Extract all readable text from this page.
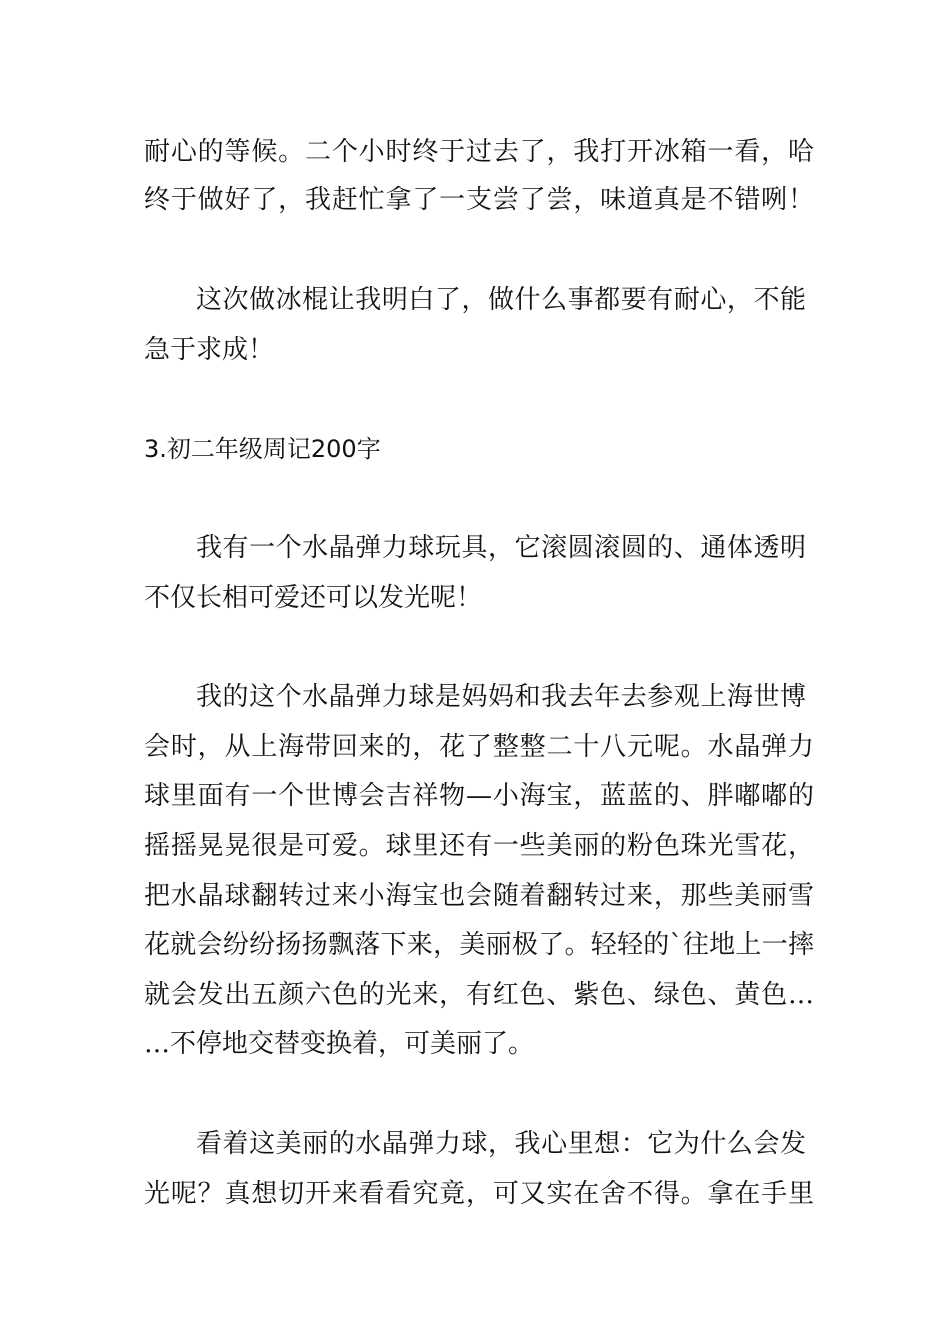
耐心的等候。二个小时终于过去了，我打开冰箱一看，哈
终于做好了，我赶忙拿了一支尝了尝，味道真是不错咧！
这次做冰棍让我明白了，做什么事都要有耐心，不能
急于求成！
3.初二年级周记200字
我有一个水晶弹力球玩具，它滚圆滚圆的、通体透明
不仅长相可爱还可以发光呢！
我的这个水晶弹力球是妈妈和我去年去参观上海世博
会时，从上海带回来的，花了整整二十八元呢。水晶弹力
球里面有一个世博会吉祥物—小海宝，蓝蓝的、胖嘟嘟的
摇摇晃晃很是可爱。球里还有一些美丽的粉色珠光雪花，
把水晶球翻转过来小海宝也会随着翻转过来，那些美丽雪
花就会纷纷扬扬飘落下来，美丽极了。轻轻的`往地上一摔
就会发出五颜六色的光来，有红色、紫色、绿色、黄色…
…不停地交替变换着，可美丽了。
看着这美丽的水晶弹力球，我心里想：它为什么会发
光呢？真想切开来看看究竟，可又实在舍不得。拿在手里
